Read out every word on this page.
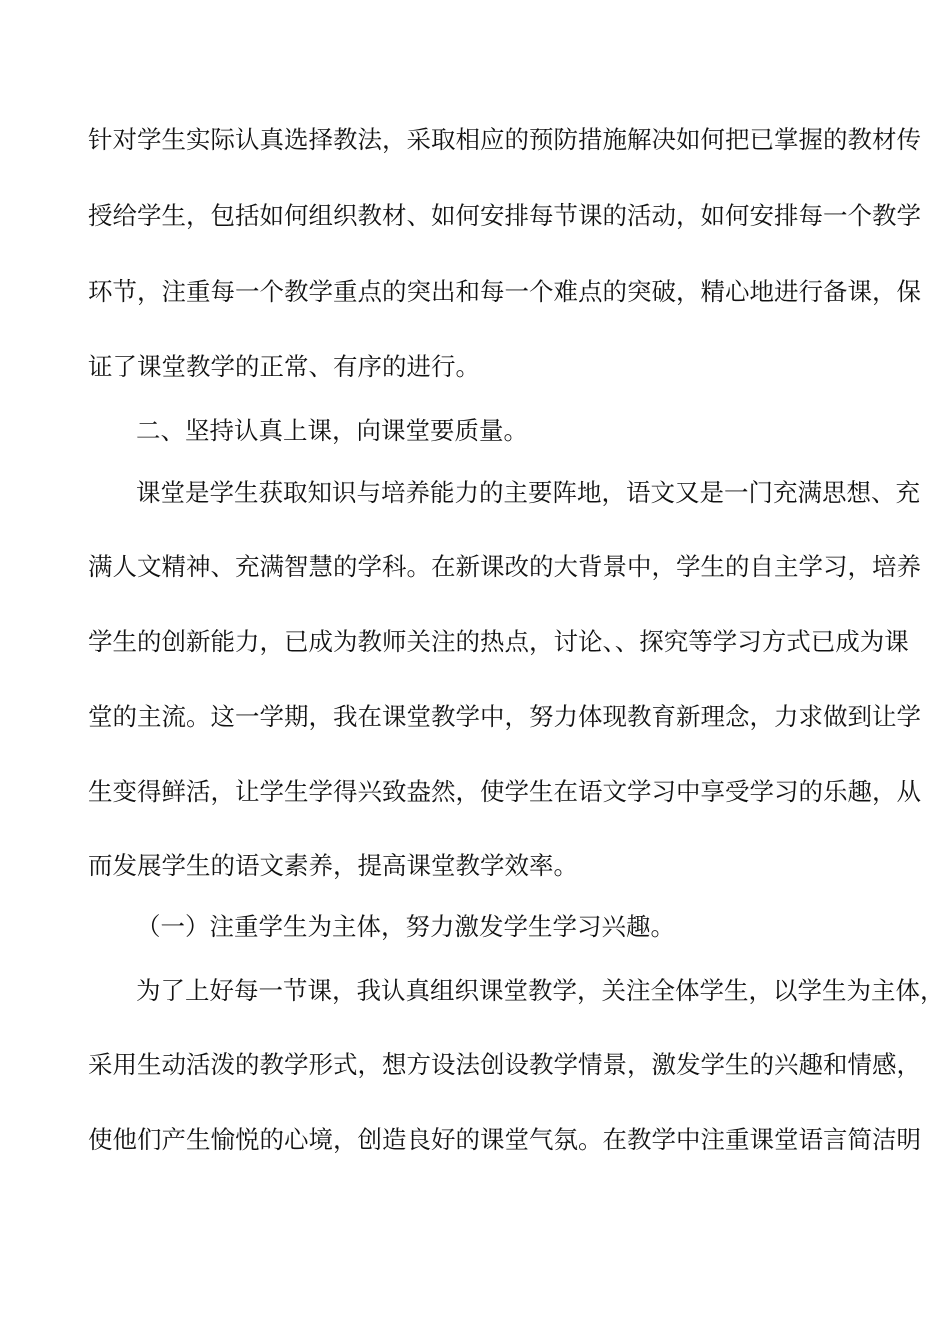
针对学生实际认真选择教法，采取相应的预防措施解决如何把已掌握的教材传
授给学生，包括如何组织教材、如何安排每节课的活动，如何安排每一个教学
环节，注重每一个教学重点的突出和每一个难点的突破，精心地进行备课，保
证了课堂教学的正常、有序的进行。
二、坚持认真上课，向课堂要质量。
课堂是学生获取知识与培养能力的主要阵地，语文又是一门充满思想、充
满人文精神、充满智慧的学科。在新课改的大背景中，学生的自主学习，培养
学生的创新能力，已成为教师关注的热点，讨论、、探究等学习方式已成为课
堂的主流。这一学期，我在课堂教学中，努力体现教育新理念，力求做到让学
生变得鲜活，让学生学得兴致盎然，使学生在语文学习中享受学习的乐趣，从
而发展学生的语文素养，提高课堂教学效率。
（一）注重学生为主体，努力激发学生学习兴趣。
为了上好每一节课，我认真组织课堂教学，关注全体学生，以学生为主体，
采用生动活泼的教学形式，想方设法创设教学情景，激发学生的兴趣和情感，
使他们产生愉悦的心境，创造良好的课堂气氛。在教学中注重课堂语言简洁明
